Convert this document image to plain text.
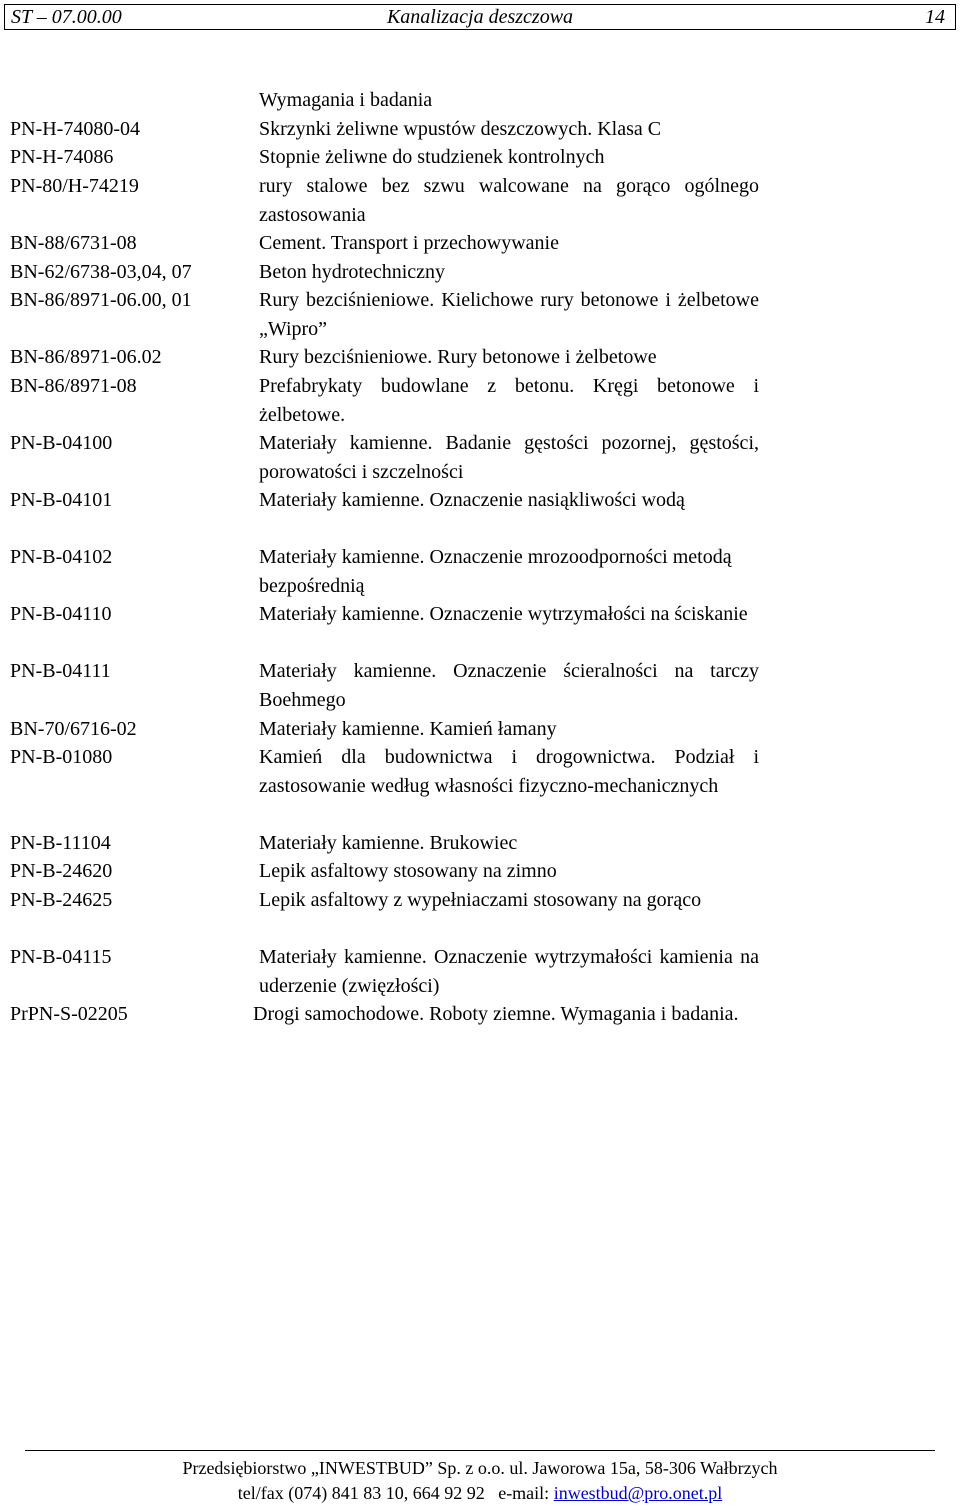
ST – 07.00.00	Kanalizacja deszczowa	14
Wymagania i badania
PN-H-74080-04	Skrzynki żeliwne wpustów deszczowych. Klasa C
PN-H-74086	Stopnie żeliwne do studzienek kontrolnych
PN-80/H-74219	rury stalowe bez szwu walcowane na gorąco ogólnego zastosowania
BN-88/6731-08	Cement. Transport i przechowywanie
BN-62/6738-03,04, 07	Beton hydrotechniczny
BN-86/8971-06.00, 01	Rury bezciśnieniowe. Kielichowe rury betonowe i żelbetowe „Wipro”
BN-86/8971-06.02	Rury bezciśnieniowe. Rury betonowe i żelbetowe
BN-86/8971-08	Prefabrykaty budowlane z betonu. Kręgi betonowe i żelbetowe.
PN-B-04100	Materiały kamienne. Badanie gęstości pozornej, gęstości, porowatości i szczelności
PN-B-04101	Materiały kamienne. Oznaczenie nasiąkliwości wodą
PN-B-04102	Materiały kamienne. Oznaczenie mrozoodporności metodą bezpośrednią
PN-B-04110	Materiały kamienne. Oznaczenie wytrzymałości na ściskanie
PN-B-04111	Materiały kamienne. Oznaczenie ścieralności na tarczy Boehmego
BN-70/6716-02	Materiały kamienne. Kamień łamany
PN-B-01080	Kamień dla budownictwa i drogownictwa. Podział i zastosowanie według własności fizyczno-mechanicznych
PN-B-11104	Materiały kamienne. Brukowiec
PN-B-24620	Lepik asfaltowy stosowany na zimno
PN-B-24625	Lepik asfaltowy z wypełniaczami stosowany na gorąco
PN-B-04115	Materiały kamienne. Oznaczenie wytrzymałości kamienia na uderzenie (zwięzłości)
PrPN-S-02205	Drogi samochodowe. Roboty ziemne. Wymagania i badania.
Przedsiębiorstwo „INWESTBUD” Sp. z o.o. ul. Jaworowa 15a, 58-306 Wałbrzych
tel/fax (074) 841 83 10, 664 92 92   e-mail: inwestbud@pro.onet.pl
